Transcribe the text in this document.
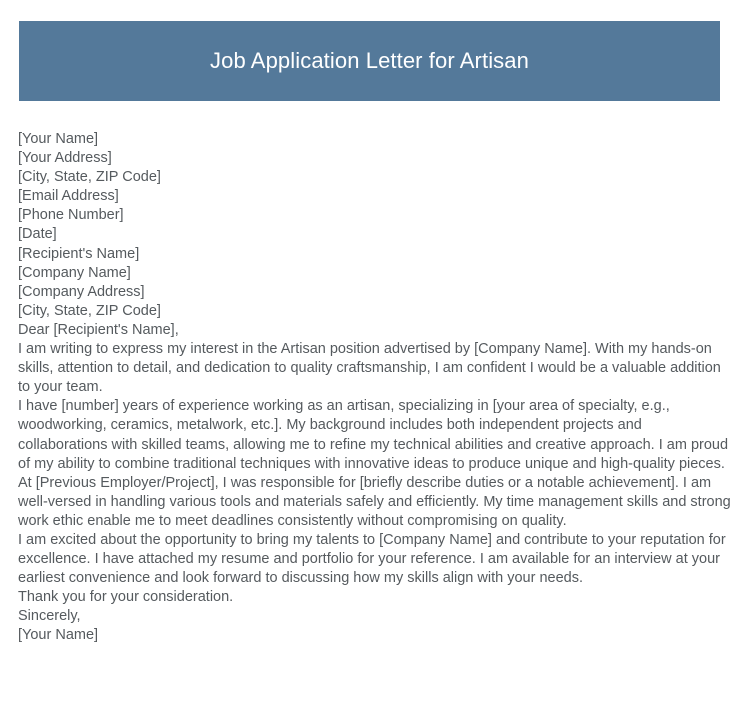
Job Application Letter for Artisan
[Your Name]
[Your Address]
[City, State, ZIP Code]
[Email Address]
[Phone Number]
[Date]
[Recipient's Name]
[Company Name]
[Company Address]
[City, State, ZIP Code]
Dear [Recipient's Name],

I am writing to express my interest in the Artisan position advertised by [Company Name]. With my hands-on skills, attention to detail, and dedication to quality craftsmanship, I am confident I would be a valuable addition to your team.

I have [number] years of experience working as an artisan, specializing in [your area of specialty, e.g., woodworking, ceramics, metalwork, etc.]. My background includes both independent projects and collaborations with skilled teams, allowing me to refine my technical abilities and creative approach. I am proud of my ability to combine traditional techniques with innovative ideas to produce unique and high-quality pieces.

At [Previous Employer/Project], I was responsible for [briefly describe duties or a notable achievement]. I am well-versed in handling various tools and materials safely and efficiently. My time management skills and strong work ethic enable me to meet deadlines consistently without compromising on quality.

I am excited about the opportunity to bring my talents to [Company Name] and contribute to your reputation for excellence. I have attached my resume and portfolio for your reference. I am available for an interview at your earliest convenience and look forward to discussing how my skills align with your needs.

Thank you for your consideration.
Sincerely,
[Your Name]
